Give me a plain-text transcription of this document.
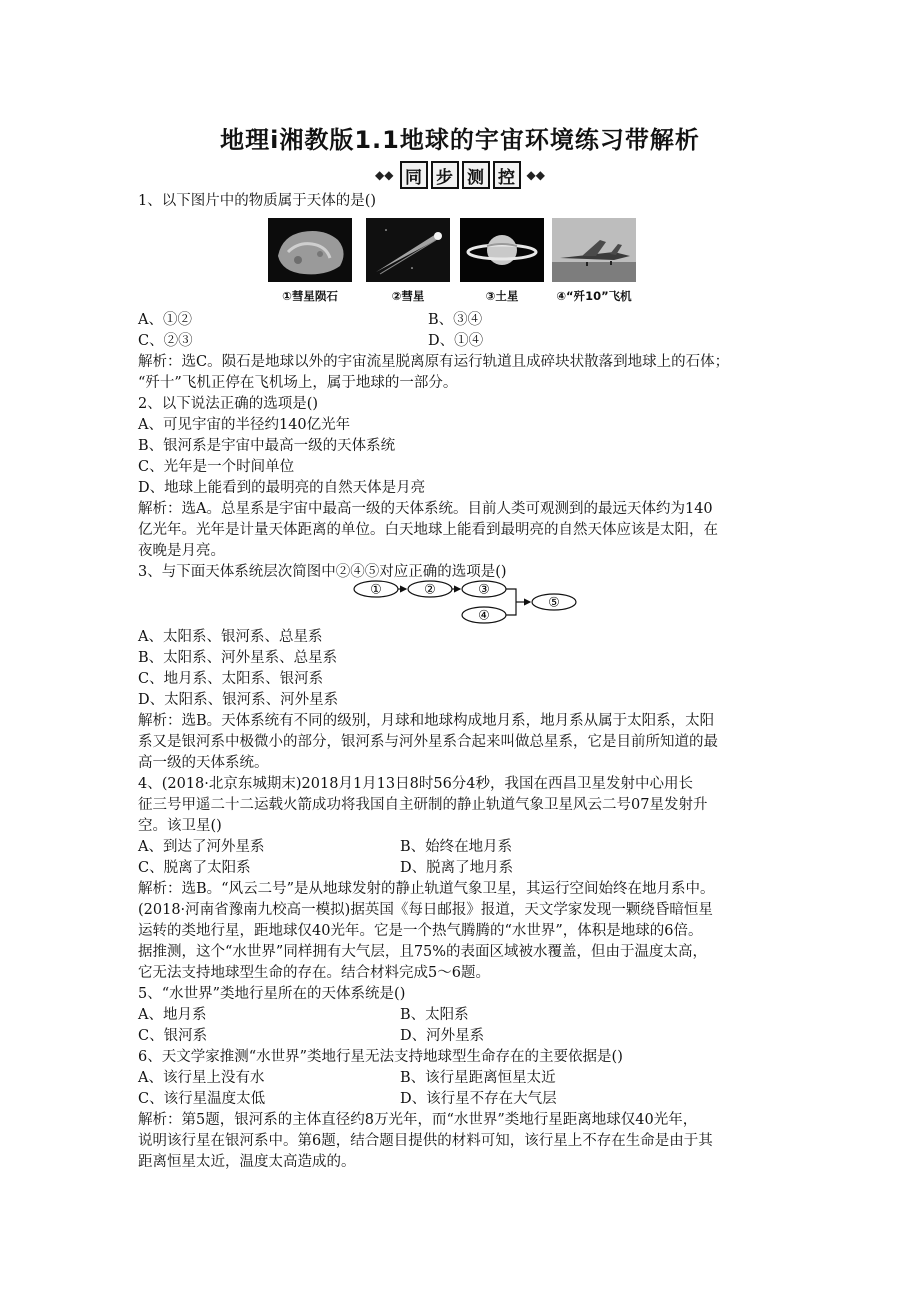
地理ⅰ湘教版1.1地球的宇宙环境练习带解析
◆◆ 同 步 测 控 ◆◆
1、以下图片中的物质属于天体的是()
①彗星陨石	②彗星	③土星	④“歼10”飞机
A、①②	B、③④
C、②③	D、①④
解析：选C。陨石是地球以外的宇宙流星脱离原有运行轨道且成碎块状散落到地球上的石体；
“歼十”飞机正停在飞机场上，属于地球的一部分。
2、以下说法正确的选项是()
A、可见宇宙的半径约140亿光年
B、银河系是宇宙中最高一级的天体系统
C、光年是一个时间单位
D、地球上能看到的最明亮的自然天体是月亮
解析：选A。总星系是宇宙中最高一级的天体系统。目前人类可观测到的最远天体约为140
亿光年。光年是计量天体距离的单位。白天地球上能看到最明亮的自然天体应该是太阳，在
夜晚是月亮。
3、与下面天体系统层次简图中②④⑤对应正确的选项是()
①	②	③
④
⑤
A、太阳系、银河系、总星系
B、太阳系、河外星系、总星系
C、地月系、太阳系、银河系
D、太阳系、银河系、河外星系
解析：选B。天体系统有不同的级别，月球和地球构成地月系，地月系从属于太阳系，太阳
系又是银河系中极微小的部分，银河系与河外星系合起来叫做总星系，它是目前所知道的最
高一级的天体系统。
4、(2018·北京东城期末)2018月1月13日8时56分4秒，我国在西昌卫星发射中心用长
征三号甲遥二十二运载火箭成功将我国自主研制的静止轨道气象卫星风云二号07星发射升
空。该卫星()
A、到达了河外星系	B、始终在地月系
C、脱离了太阳系	D、脱离了地月系
解析：选B。“风云二号”是从地球发射的静止轨道气象卫星，其运行空间始终在地月系中。
(2018·河南省豫南九校高一模拟)据英国《每日邮报》报道，天文学家发现一颗绕昏暗恒星
运转的类地行星，距地球仅40光年。它是一个热气腾腾的“水世界”，体积是地球的6倍。
据推测，这个“水世界”同样拥有大气层，且75%的表面区域被水覆盖，但由于温度太高，
它无法支持地球型生命的存在。结合材料完成5～6题。
5、“水世界”类地行星所在的天体系统是()
A、地月系	B、太阳系
C、银河系	D、河外星系
6、天文学家推测“水世界”类地行星无法支持地球型生命存在的主要依据是()
A、该行星上没有水	B、该行星距离恒星太近
C、该行星温度太低	D、该行星不存在大气层
解析：第5题，银河系的主体直径约8万光年，而“水世界”类地行星距离地球仅40光年，
说明该行星在银河系中。第6题，结合题目提供的材料可知，该行星上不存在生命是由于其
距离恒星太近，温度太高造成的。
